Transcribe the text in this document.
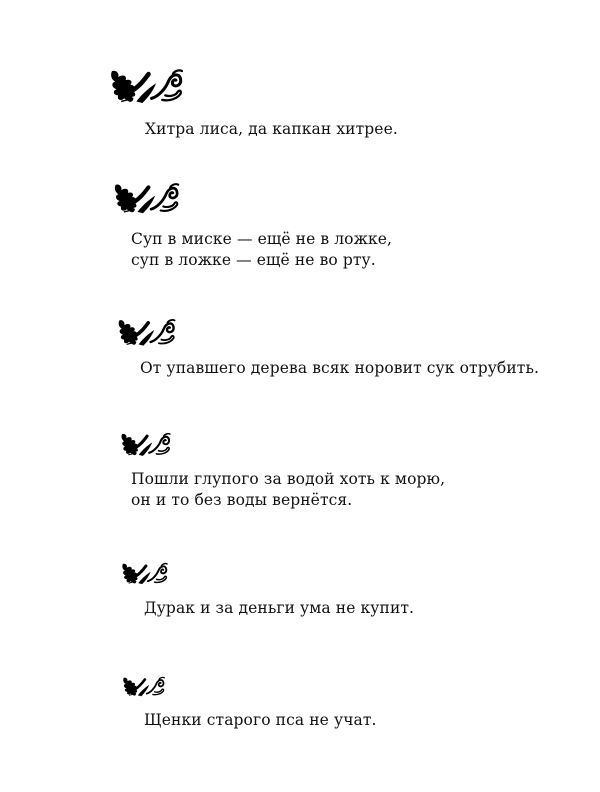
Хитра лиса, да капкан хитрее.
Суп в миске — ещё не в ложке,
суп в ложке — ещё не во рту.
От упавшего дерева всяк норовит сук отрубить.
Пошли глупого за водой хоть к морю,
он и то без воды вернётся.
Дурак и за деньги ума не купит.
Щенки старого пса не учат.
